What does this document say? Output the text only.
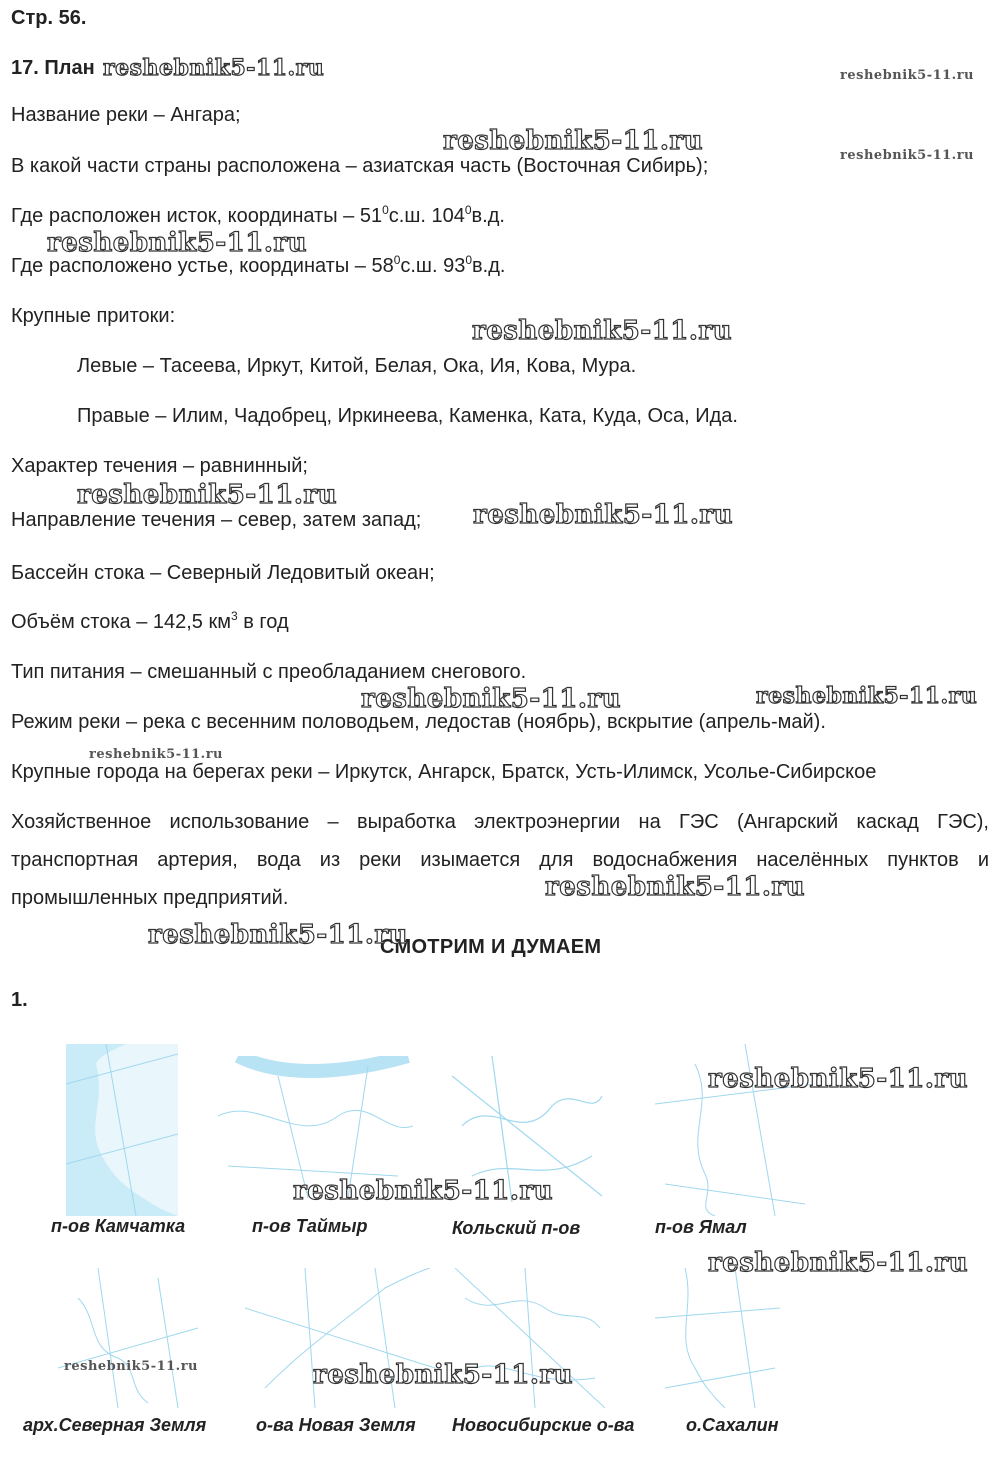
Стр. 56.
17. План
Название реки – Ангара;
В какой части страны расположена – азиатская часть (Восточная Сибирь);
Где расположен исток, координаты – $51^0с.ш$. $104^0в.д$.
Где расположено устье, координаты – $58^0с.ш$. $93^0в.д$.
Крупные притоки:
Левые – Тасеева, Иркут, Китой, Белая, Ока, Ия, Кова, Мура.
Правые – Илим, Чадобрец, Иркинеева, Каменка, Ката, Куда, Оса, Ида.
Характер течения – равнинный;
Направление течения – север, затем запад;
Бассейн стока – Северный Ледовитый океан;
Объём стока – 142,5 $км^3$ в год
Тип питания – смешанный с преобладанием снегового.
Режим реки – река с весенним половодьем, ледостав (ноябрь), вскрытие (апрель-май).
Крупные города на берегах реки – Иркутск, Ангарск, Братск, Усть-Илимск, Усолье-Сибирское
Хозяйственное использование – выработка электроэнергии на ГЭС (Ангарский каскад ГЭС),
транспортная артерия, вода из реки изымается для водоснабжения населённых пунктов и
промышленных предприятий.
СМОТРИМ И ДУМАЕМ
1.
п-ов Камчатка	п-ов Таймыр	Кольский п-ов	п-ов Ямал
арх.Северная Земля	о-ва Новая Земля Новосибирские о-ва	о.Сахалин
reshebnik5-11.ru	reshebnik5-11.ru
reshebnik5-11.ru	reshebnik5-11.ru
reshebnik5-11.ru
reshebnik5-11.ru
reshebnik5-11.ru
reshebnik5-11.ru
reshebnik5-11.ru	reshebnik5-11.ru
reshebnik5-11.ru
reshebnik5-11.ru
reshebnik5-11.ru
reshebnik5-11.ru
reshebnik5-11.ru
reshebnik5-11.ru
reshebnik5-11.ru	reshebnik5-11.ru
